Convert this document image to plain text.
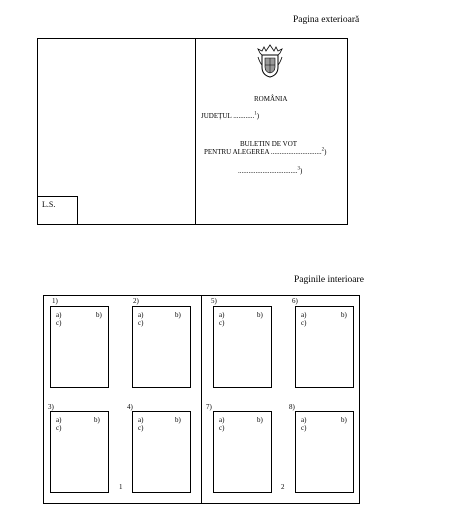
Pagina exterioară
L.S.
ROMÂNIA
JUDEȚUL ............$^1$)
BULETIN DE VOT
PENTRU ALEGEREA .............................$^2$)
..................................$^3$)
Paginile interioare
1)
a)	b)
c)
2)
a)	b)
c)
5)
a)	b)
c)
6)
a)	b)
c)
3)
a)	b)
c)
4)
a)	b)
c)
7)
a)	b)
c)
8)
a)	b)
c)
1	2
